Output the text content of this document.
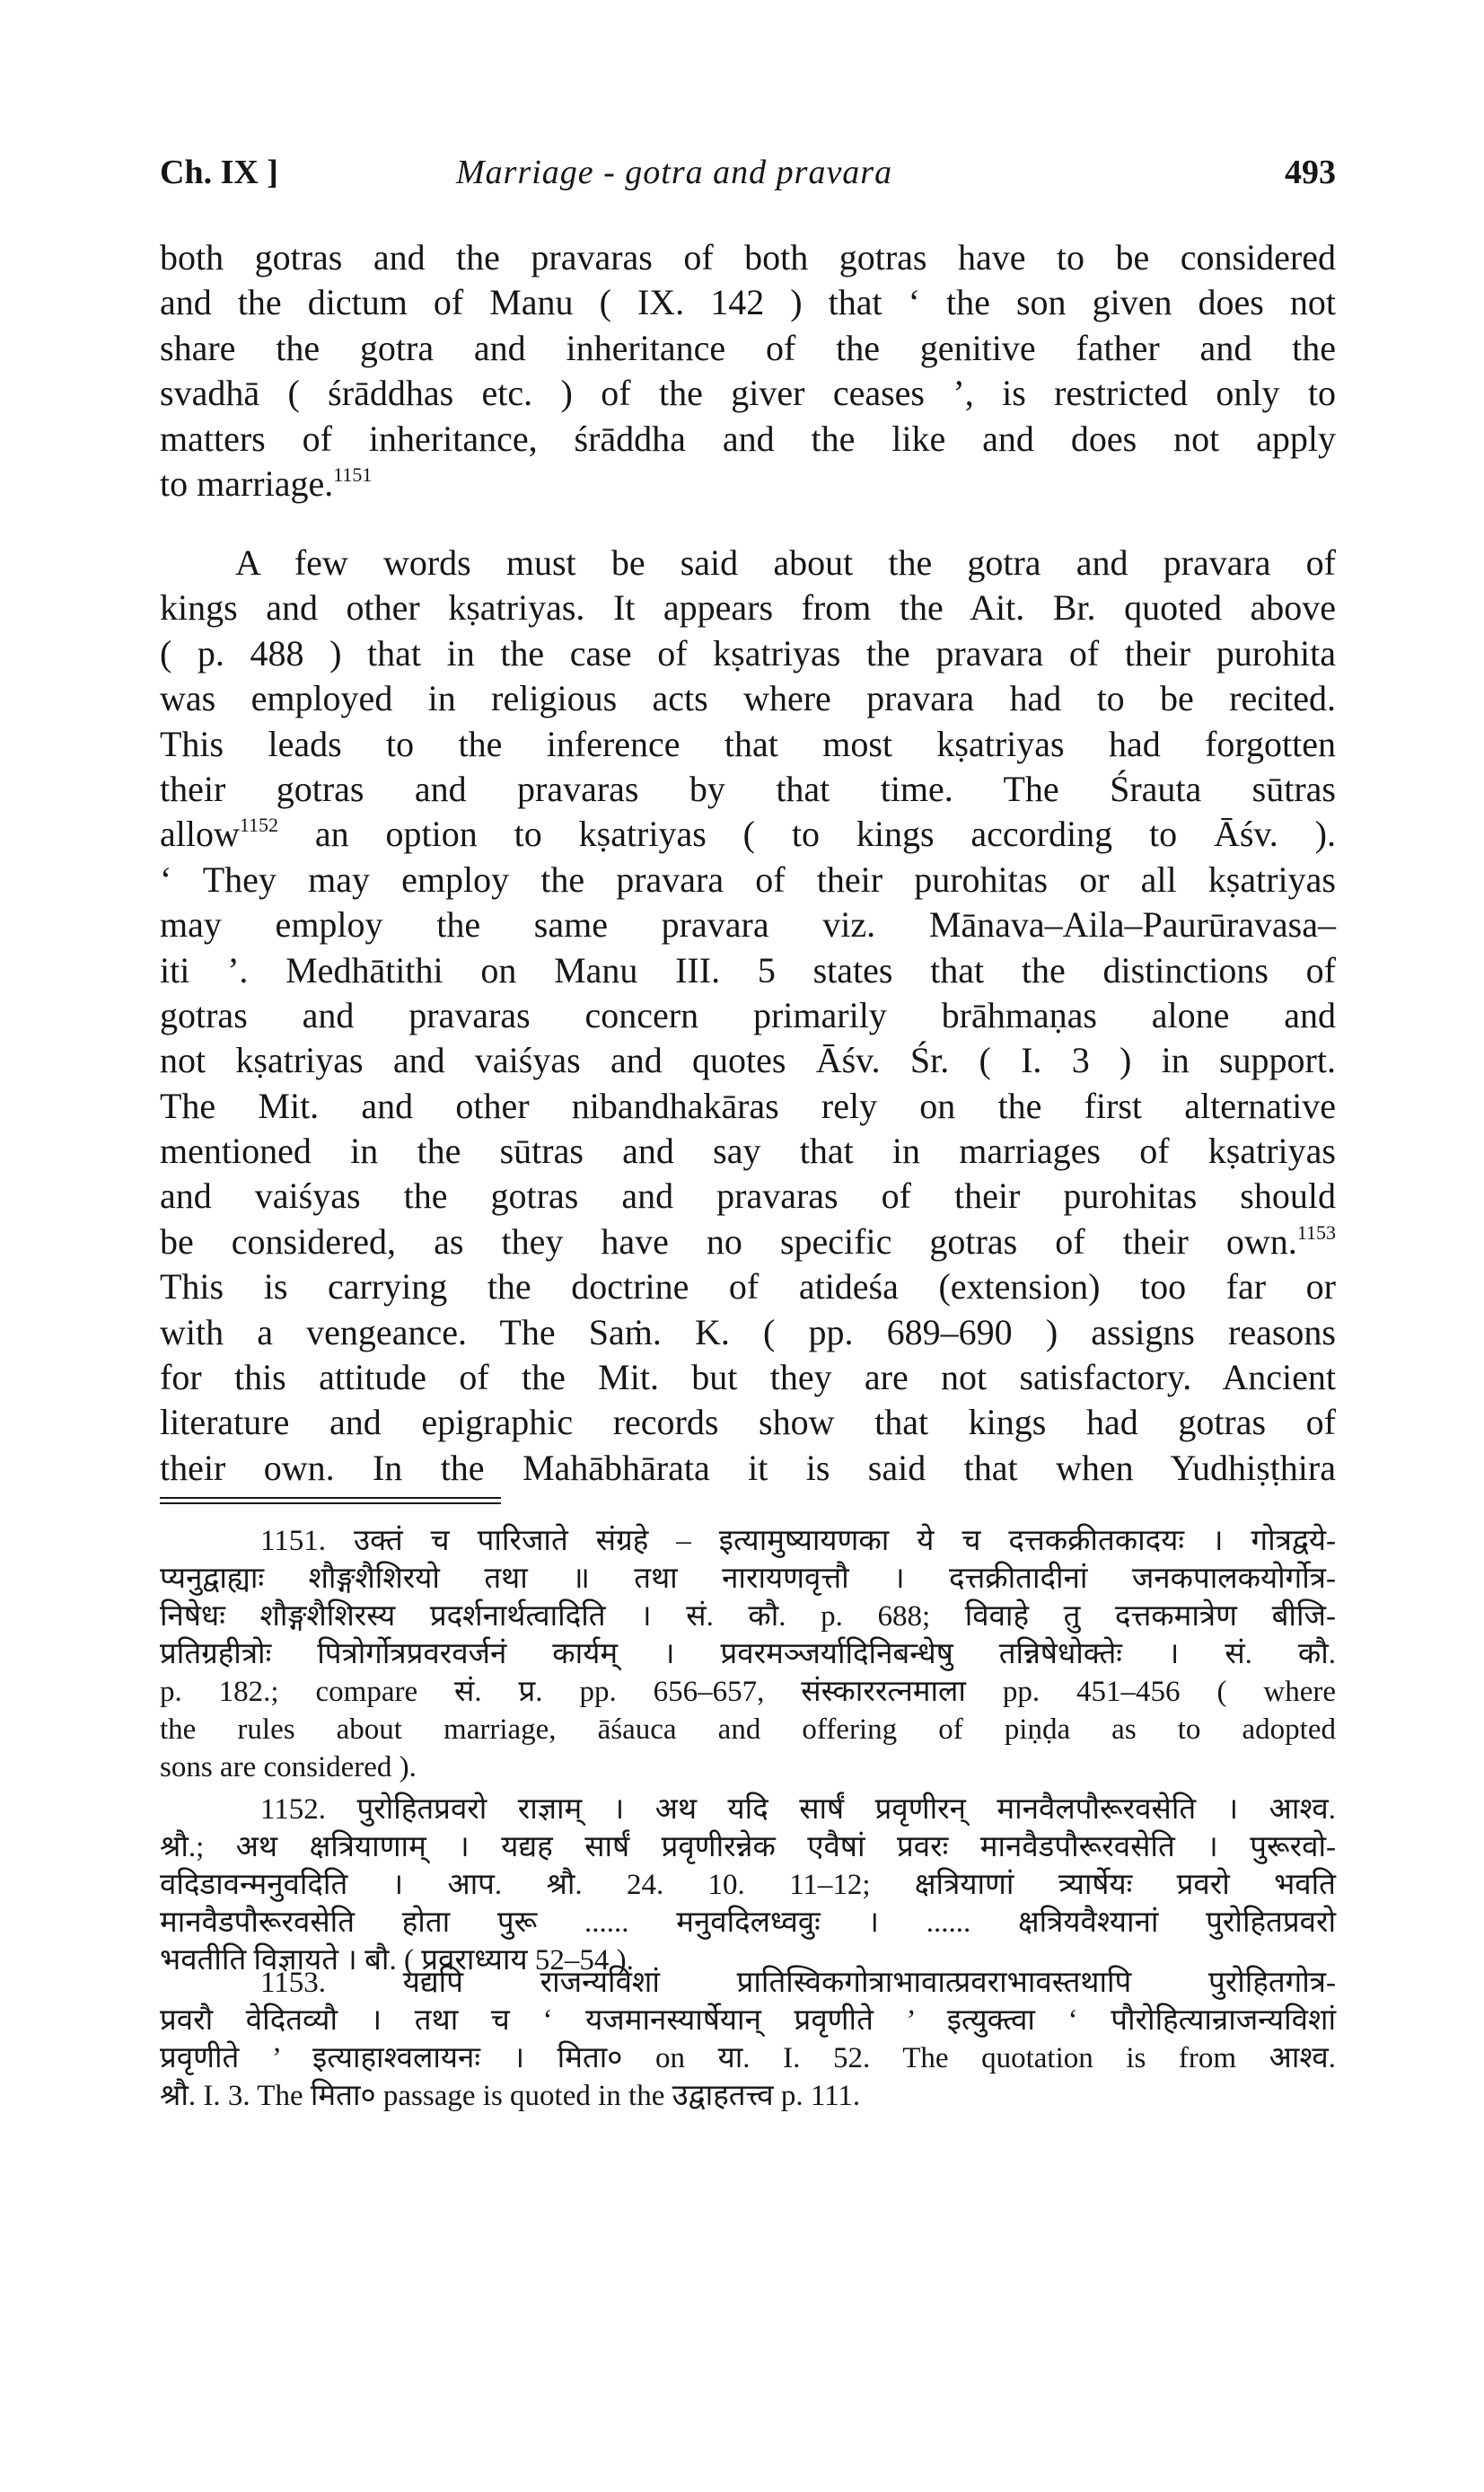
Ch. IX ]	Marriage - gotra and pravara	493
both gotras and the pravaras of both gotras have to be considered
and the dictum of Manu ( IX. 142 ) that ‘ the son given does not
share the gotra and inheritance of the genitive father and the
svadhā ( śrāddhas etc. ) of the giver ceases ’, is restricted only to
matters of inheritance, śrāddha and the like and does not apply
to marriage.$^{1151}$
A few words must be said about the gotra and pravara of
kings and other kṣatriyas. It appears from the Ait. Br. quoted above
( p. 488 ) that in the case of kṣatriyas the pravara of their purohita
was employed in religious acts where pravara had to be recited.
This leads to the inference that most kṣatriyas had forgotten
their gotras and pravaras by that time. The Śrauta sūtras
allow$^{1152}$ an option to kṣatriyas ( to kings according to Āśv. ).
‘ They may employ the pravara of their purohitas or all kṣatriyas
may employ the same pravara viz. Mānava–Aila–Paurūravasa–
iti ’. Medhātithi on Manu III. 5 states that the distinctions of
gotras and pravaras concern primarily brāhmaṇas alone and
not kṣatriyas and vaiśyas and quotes Āśv. Śr. ( I. 3 ) in support.
The Mit. and other nibandhakāras rely on the first alternative
mentioned in the sūtras and say that in marriages of kṣatriyas
and vaiśyas the gotras and pravaras of their purohitas should
be considered, as they have no specific gotras of their own.$^{1153}$
This is carrying the doctrine of atideśa (extension) too far or
with a vengeance. The Saṁ. K. ( pp. 689–690 ) assigns reasons
for this attitude of the Mit. but they are not satisfactory. Ancient
literature and epigraphic records show that kings had gotras of
their own. In the Mahābhārata it is said that when Yudhiṣṭhira
1151. उक्तं च पारिजाते संग्रहे – इत्यामुष्यायणका ये च दत्तकक्रीतकादयः । गोत्रद्वये-
प्यनुद्वाह्याः शौङ्गशैशिरयो तथा ॥ तथा नारायणवृत्तौ । दत्तक्रीतादीनां जनकपालकयोर्गोत्र-
निषेधः शौङ्गशैशिरस्य प्रदर्शनार्थत्वादिति । सं. कौ. p. 688; विवाहे तु दत्तकमात्रेण बीजि-
प्रतिग्रहीत्रोः पित्रोर्गोत्रप्रवरवर्जनं कार्यम् । प्रवरमञ्जर्यादिनिबन्धेषु तन्निषेधोक्तेः । सं. कौ.
p. 182.; compare सं. प्र. pp. 656–657, संस्काररत्नमाला pp. 451–456 ( where
the rules about marriage, āśauca and offering of piṇḍa as to adopted
sons are considered ).
1152. पुरोहितप्रवरो राज्ञाम् । अथ यदि सार्षं प्रवृणीरन् मानवैलपौरूरवसेति । आश्व.
श्रौ.; अथ क्षत्रियाणाम् । यद्यह सार्षं प्रवृणीरन्नेक एवैषां प्रवरः मानवैडपौरूरवसेति । पुरूरवो-
वदिडावन्मनुवदिति । आप. श्रौ. 24. 10. 11–12; क्षत्रियाणां त्र्यार्षेयः प्रवरो भवति
मानवैडपौरूरवसेति होता पुरू ...... मनुवदिलध्ववुः । ...... क्षत्रियवैश्यानां पुरोहितप्रवरो
भवतीति विज्ञायते । बौ. ( प्रवराध्याय 52–54 ).
1153. यद्यपि राजन्यविशां प्रातिस्विकगोत्राभावात्प्रवराभावस्तथापि पुरोहितगोत्र-
प्रवरौ वेदितव्यौ । तथा च ‘ यजमानस्यार्षेयान् प्रवृणीते ’ इत्युक्त्वा ‘ पौरोहित्यान्राजन्यविशां
प्रवृणीते ’ इत्याहाश्वलायनः । मिता० on या. I. 52. The quotation is from आश्व.
श्रौ. I. 3. The मिता० passage is quoted in the उद्वाहतत्त्व p. 111.
